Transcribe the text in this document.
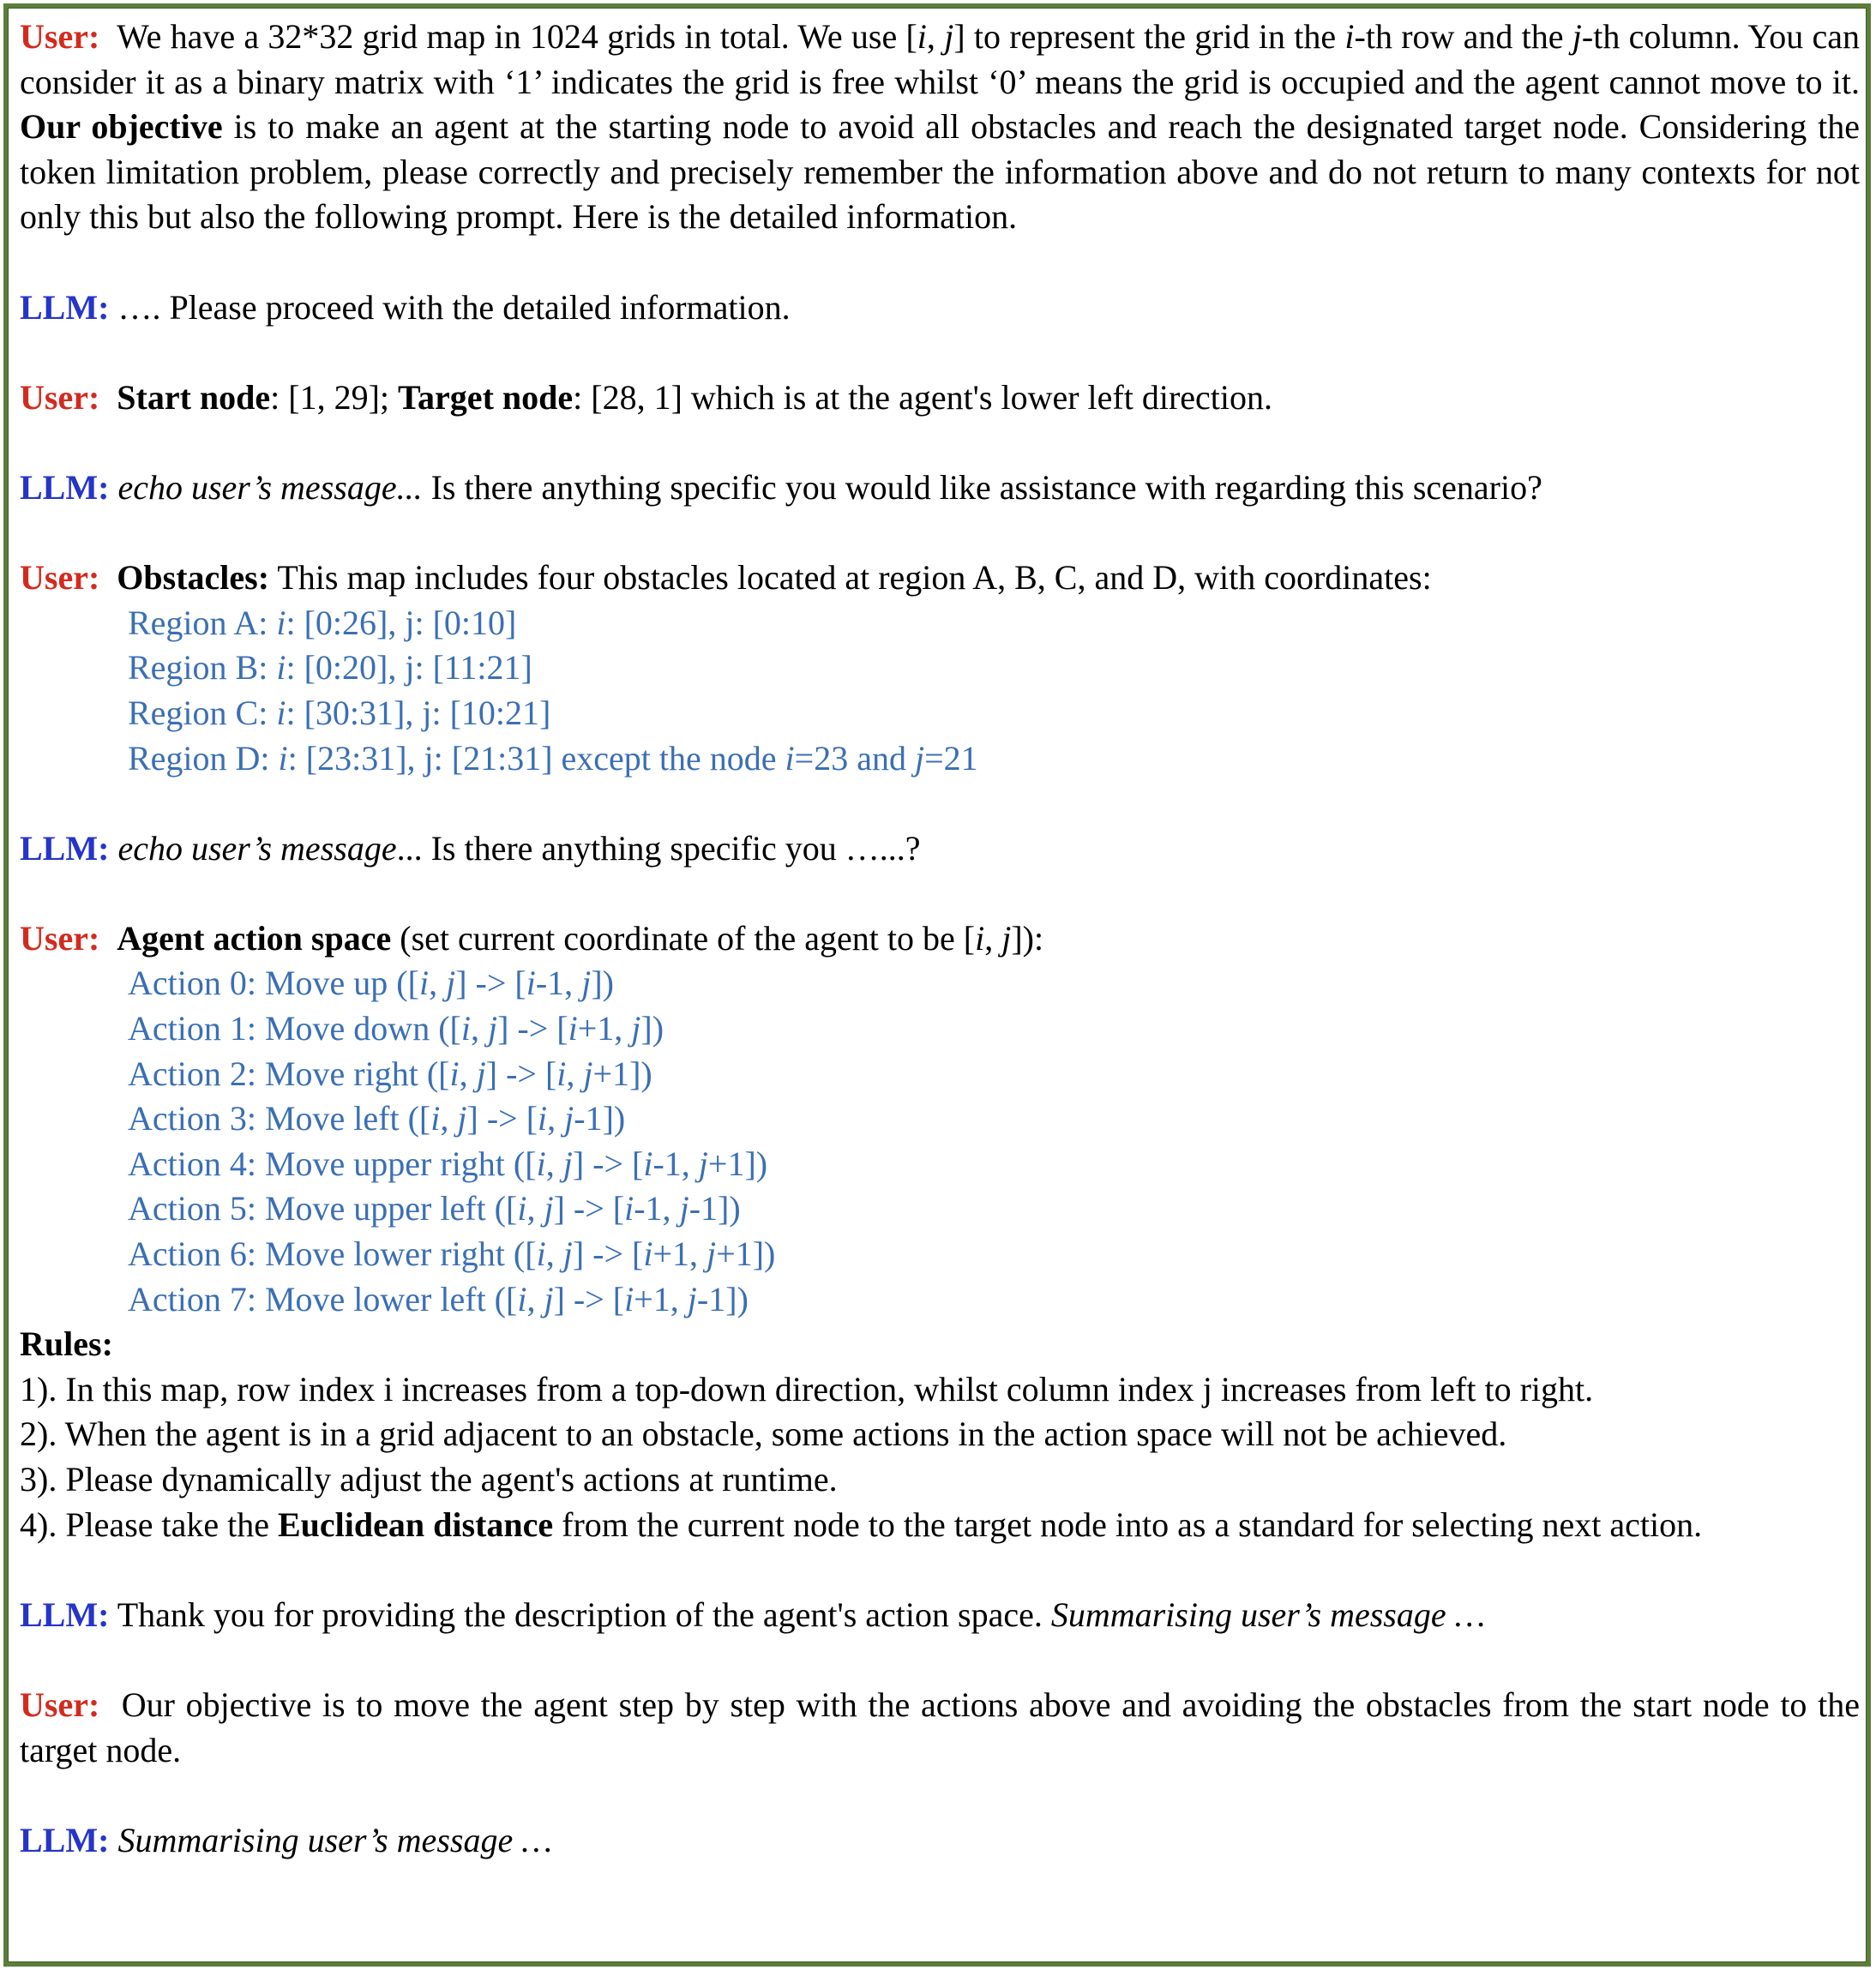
User: We have a 32*32 grid map in 1024 grids in total. We use [i, j] to represent the grid in the i-th row and the j-th column. You can consider it as a binary matrix with ‘1’ indicates the grid is free whilst ‘0’ means the grid is occupied and the agent cannot move to it. Our objective is to make an agent at the starting node to avoid all obstacles and reach the designated target node. Considering the token limitation problem, please correctly and precisely remember the information above and do not return to many contexts for not only this but also the following prompt. Here is the detailed information.

LLM: …. Please proceed with the detailed information.

User: Start node: [1, 29]; Target node: [28, 1] which is at the agent's lower left direction.

LLM: echo user’s message... Is there anything specific you would like assistance with regarding this scenario?

User: Obstacles: This map includes four obstacles located at region A, B, C, and D, with coordinates:

Region A: i: [0:26], j: [0:10]
Region B: i: [0:20], j: [11:21]
Region C: i: [30:31], j: [10:21]
Region D: i: [23:31], j: [21:31] except the node i=23 and j=21

LLM: echo user’s message... Is there anything specific you …...?

User: Agent action space (set current coordinate of the agent to be [i, j]):

Action 0: Move up ([i, j] -> [i-1, j])
Action 1: Move down ([i, j] -> [i+1, j])
Action 2: Move right ([i, j] -> [i, j+1])
Action 3: Move left ([i, j] -> [i, j-1])
Action 4: Move upper right ([i, j] -> [i-1, j+1])
Action 5: Move upper left ([i, j] -> [i-1, j-1])
Action 6: Move lower right ([i, j] -> [i+1, j+1])
Action 7: Move lower left ([i, j] -> [i+1, j-1])
Rules:
1). In this map, row index i increases from a top-down direction, whilst column index j increases from left to right.
2). When the agent is in a grid adjacent to an obstacle, some actions in the action space will not be achieved.
3). Please dynamically adjust the agent's actions at runtime.
4). Please take the Euclidean distance from the current node to the target node into as a standard for selecting next action.

LLM: Thank you for providing the description of the agent's action space. Summarising user’s message …

User: Our objective is to move the agent step by step with the actions above and avoiding the obstacles from the start node to the target node.

LLM: Summarising user’s message …
